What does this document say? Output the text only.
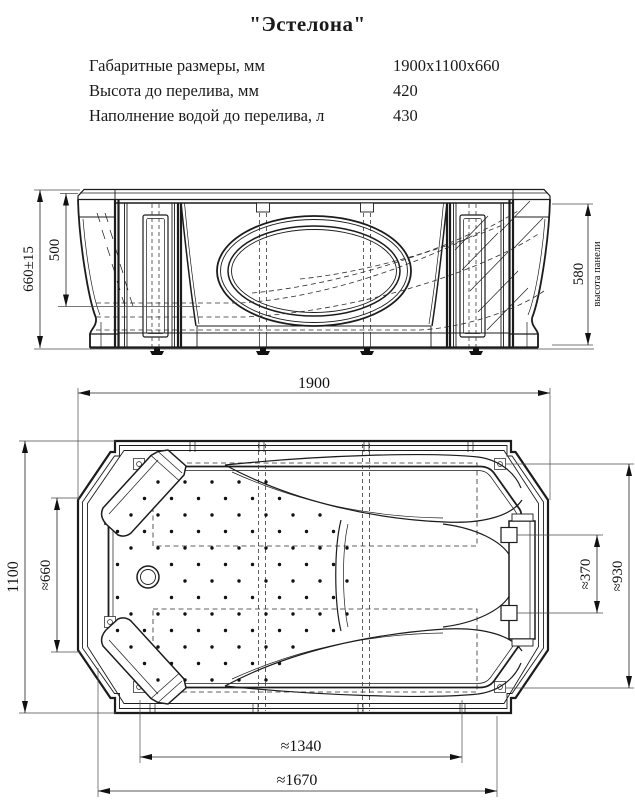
"Эстелона"
Габаритные размеры, мм	1900x1100x660
Высота до перелива, мм	420
Наполнение водой до перелива, л	430
660±15 500
580 высота панели
1900
1100 ≈660	≈370 ≈930
≈1340
≈1670
